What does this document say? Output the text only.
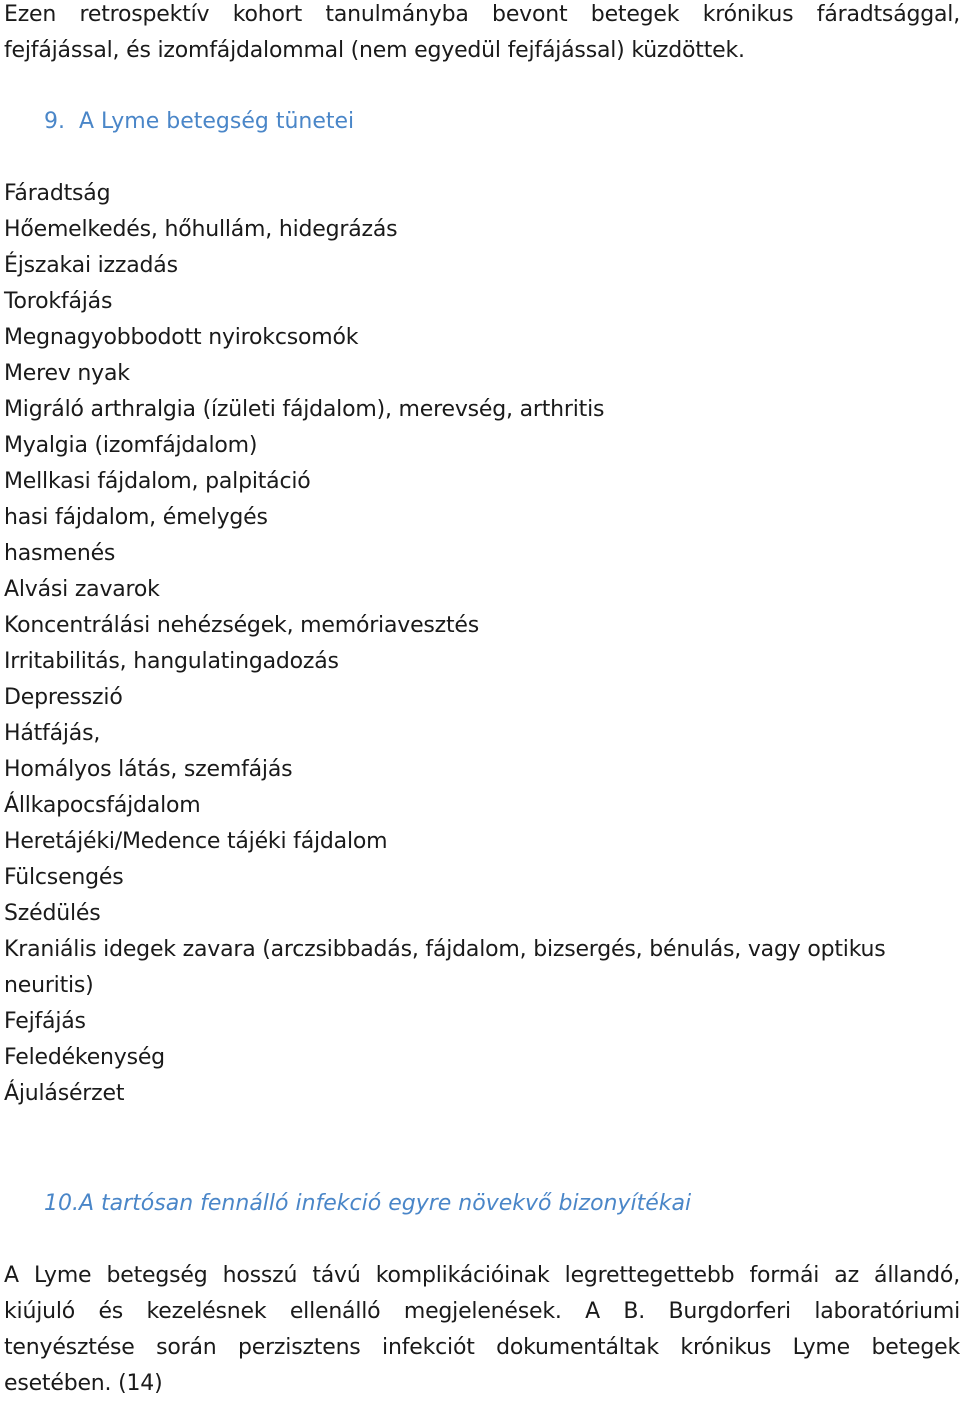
Ezen retrospektív kohort tanulmányba bevont betegek krónikus fáradtsággal, fejfájással, és izomfájdalommal (nem egyedül fejfájással) küzdöttek.

9. A Lyme betegség tünetei
Fáradtság
Hőemelkedés, hőhullám, hidegrázás
Éjszakai izzadás
Torokfájás
Megnagyobbodott nyirokcsomók
Merev nyak
Migráló arthralgia (ízületi fájdalom), merevség, arthritis
Myalgia (izomfájdalom)
Mellkasi fájdalom, palpitáció
hasi fájdalom, émelygés
hasmenés
Alvási zavarok
Koncentrálási nehézségek, memóriavesztés
Irritabilitás, hangulatingadozás
Depresszió
Hátfájás,
Homályos látás, szemfájás
Állkapocsfájdalom
Heretájéki/Medence tájéki fájdalom
Fülcsengés
Szédülés
Kraniális idegek zavara (arczsibbadás, fájdalom, bizsergés, bénulás, vagy optikus neuritis)
Fejfájás
Feledékenység
Ájulásérzet
10.A tartósan fennálló infekció egyre növekvő bizonyítékai

A Lyme betegség hosszú távú komplikációinak legrettegettebb formái az állandó, kiújuló és kezelésnek ellenálló megjelenések. A B. Burgdorferi laboratóriumi tenyésztése során perzisztens infekciót dokumentáltak krónikus Lyme betegek esetében. (14)
